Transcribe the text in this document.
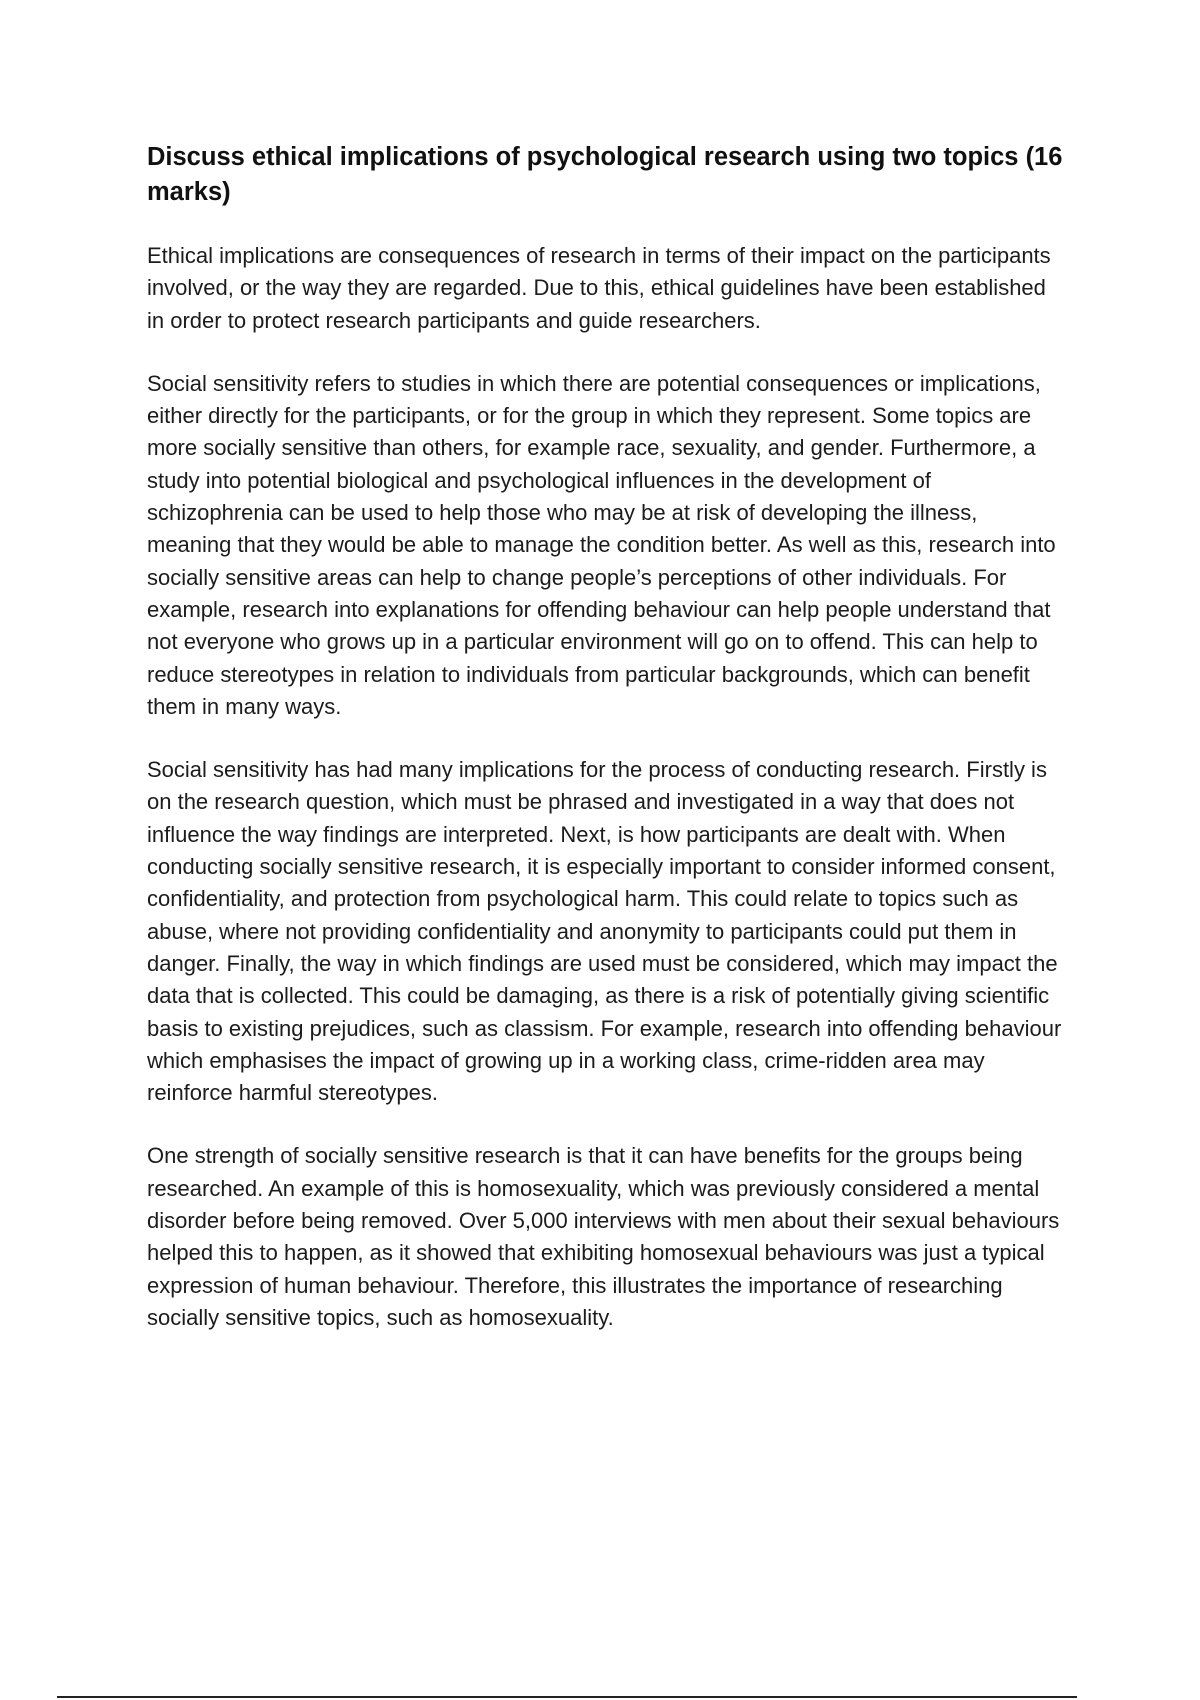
Discuss ethical implications of psychological research using two topics (16 marks)

Ethical implications are consequences of research in terms of their impact on the participants involved, or the way they are regarded. Due to this, ethical guidelines have been established in order to protect research participants and guide researchers.

Social sensitivity refers to studies in which there are potential consequences or implications, either directly for the participants, or for the group in which they represent. Some topics are more socially sensitive than others, for example race, sexuality, and gender. Furthermore, a study into potential biological and psychological influences in the development of schizophrenia can be used to help those who may be at risk of developing the illness, meaning that they would be able to manage the condition better. As well as this, research into socially sensitive areas can help to change people’s perceptions of other individuals. For example, research into explanations for offending behaviour can help people understand that not everyone who grows up in a particular environment will go on to offend. This can help to reduce stereotypes in relation to individuals from particular backgrounds, which can benefit them in many ways.

Social sensitivity has had many implications for the process of conducting research. Firstly is on the research question, which must be phrased and investigated in a way that does not influence the way findings are interpreted. Next, is how participants are dealt with. When conducting socially sensitive research, it is especially important to consider informed consent, confidentiality, and protection from psychological harm. This could relate to topics such as abuse, where not providing confidentiality and anonymity to participants could put them in danger. Finally, the way in which findings are used must be considered, which may impact the data that is collected. This could be damaging, as there is a risk of potentially giving scientific basis to existing prejudices, such as classism. For example, research into offending behaviour which emphasises the impact of growing up in a working class, crime-ridden area may reinforce harmful stereotypes.

One strength of socially sensitive research is that it can have benefits for the groups being researched. An example of this is homosexuality, which was previously considered a mental disorder before being removed. Over 5,000 interviews with men about their sexual behaviours helped this to happen, as it showed that exhibiting homosexual behaviours was just a typical expression of human behaviour. Therefore, this illustrates the importance of researching socially sensitive topics, such as homosexuality.
